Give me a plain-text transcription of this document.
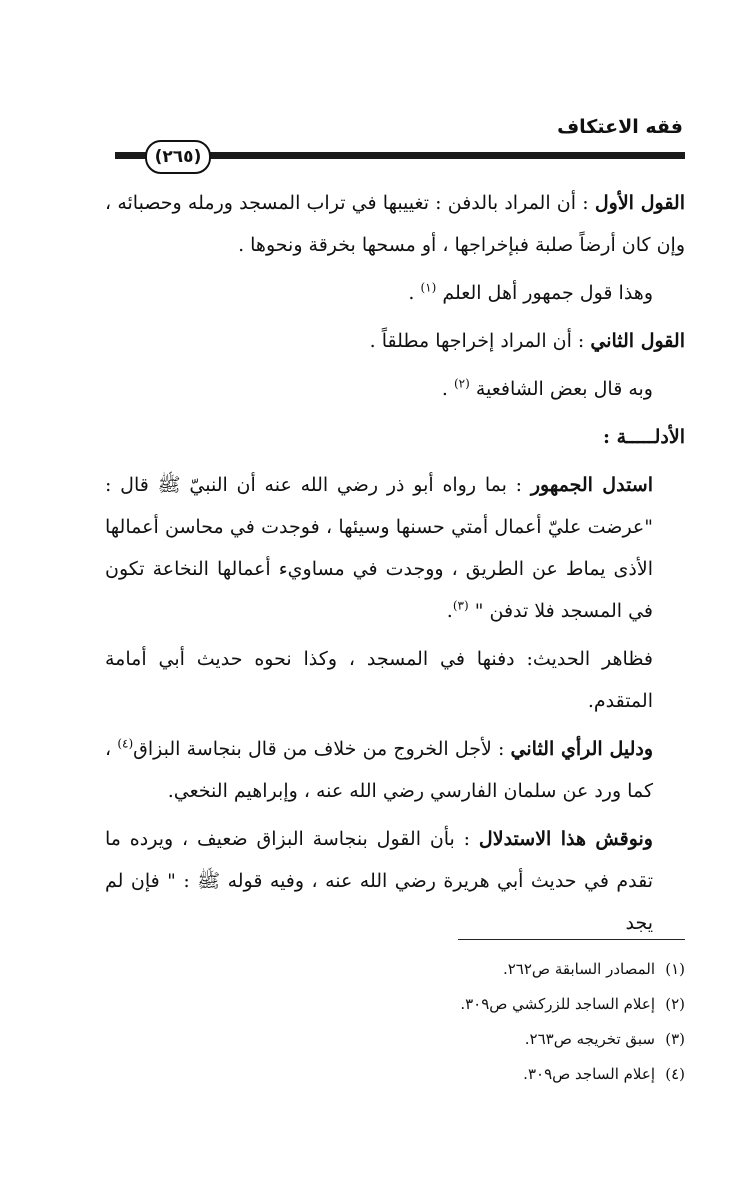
فقه الاعتكاف
(٢٦٥)

القول الأول : أن المراد بالدفن : تغييبها في تراب المسجد ورمله وحصبائه ، وإن كان أرضاً صلبة فبإخراجها ، أو مسحها بخرقة ونحوها .

وهذا قول جمهور أهل العلم $^{(١)}$ .

القول الثاني : أن المراد إخراجها مطلقاً .

وبه قال بعض الشافعية $^{(٢)}$ .

الأدلـــــة :

استدل الجمهور : بما رواه أبو ذر رضي الله عنه أن النبيّ ﷺ قال : "عرضت عليّ أعمال أمتي حسنها وسيئها ، فوجدت في محاسن أعمالها الأذى يماط عن الطريق ، ووجدت في مساويء أعمالها النخاعة تكون في المسجد فلا تدفن " $^{(٣)}$.

فظاهر الحديث: دفنها في المسجد ، وكذا نحوه حديث أبي أمامة المتقدم.

ودليل الرأي الثاني : لأجل الخروج من خلاف من قال بنجاسة البزاق$^{(٤)}$ ، كما ورد عن سلمان الفارسي رضي الله عنه ، وإبراهيم النخعي.

ونوقش هذا الاستدلال : بأن القول بنجاسة البزاق ضعيف ، ويرده ما تقدم في حديث أبي هريرة رضي الله عنه ، وفيه قوله ﷺ : " فإن لم يجد

(١)المصادر السابقة ص٢٦٢.
(٢)إعلام الساجد للزركشي ص٣٠٩.
(٣)سبق تخريجه ص٢٦٣.
(٤)إعلام الساجد ص٣٠٩.
